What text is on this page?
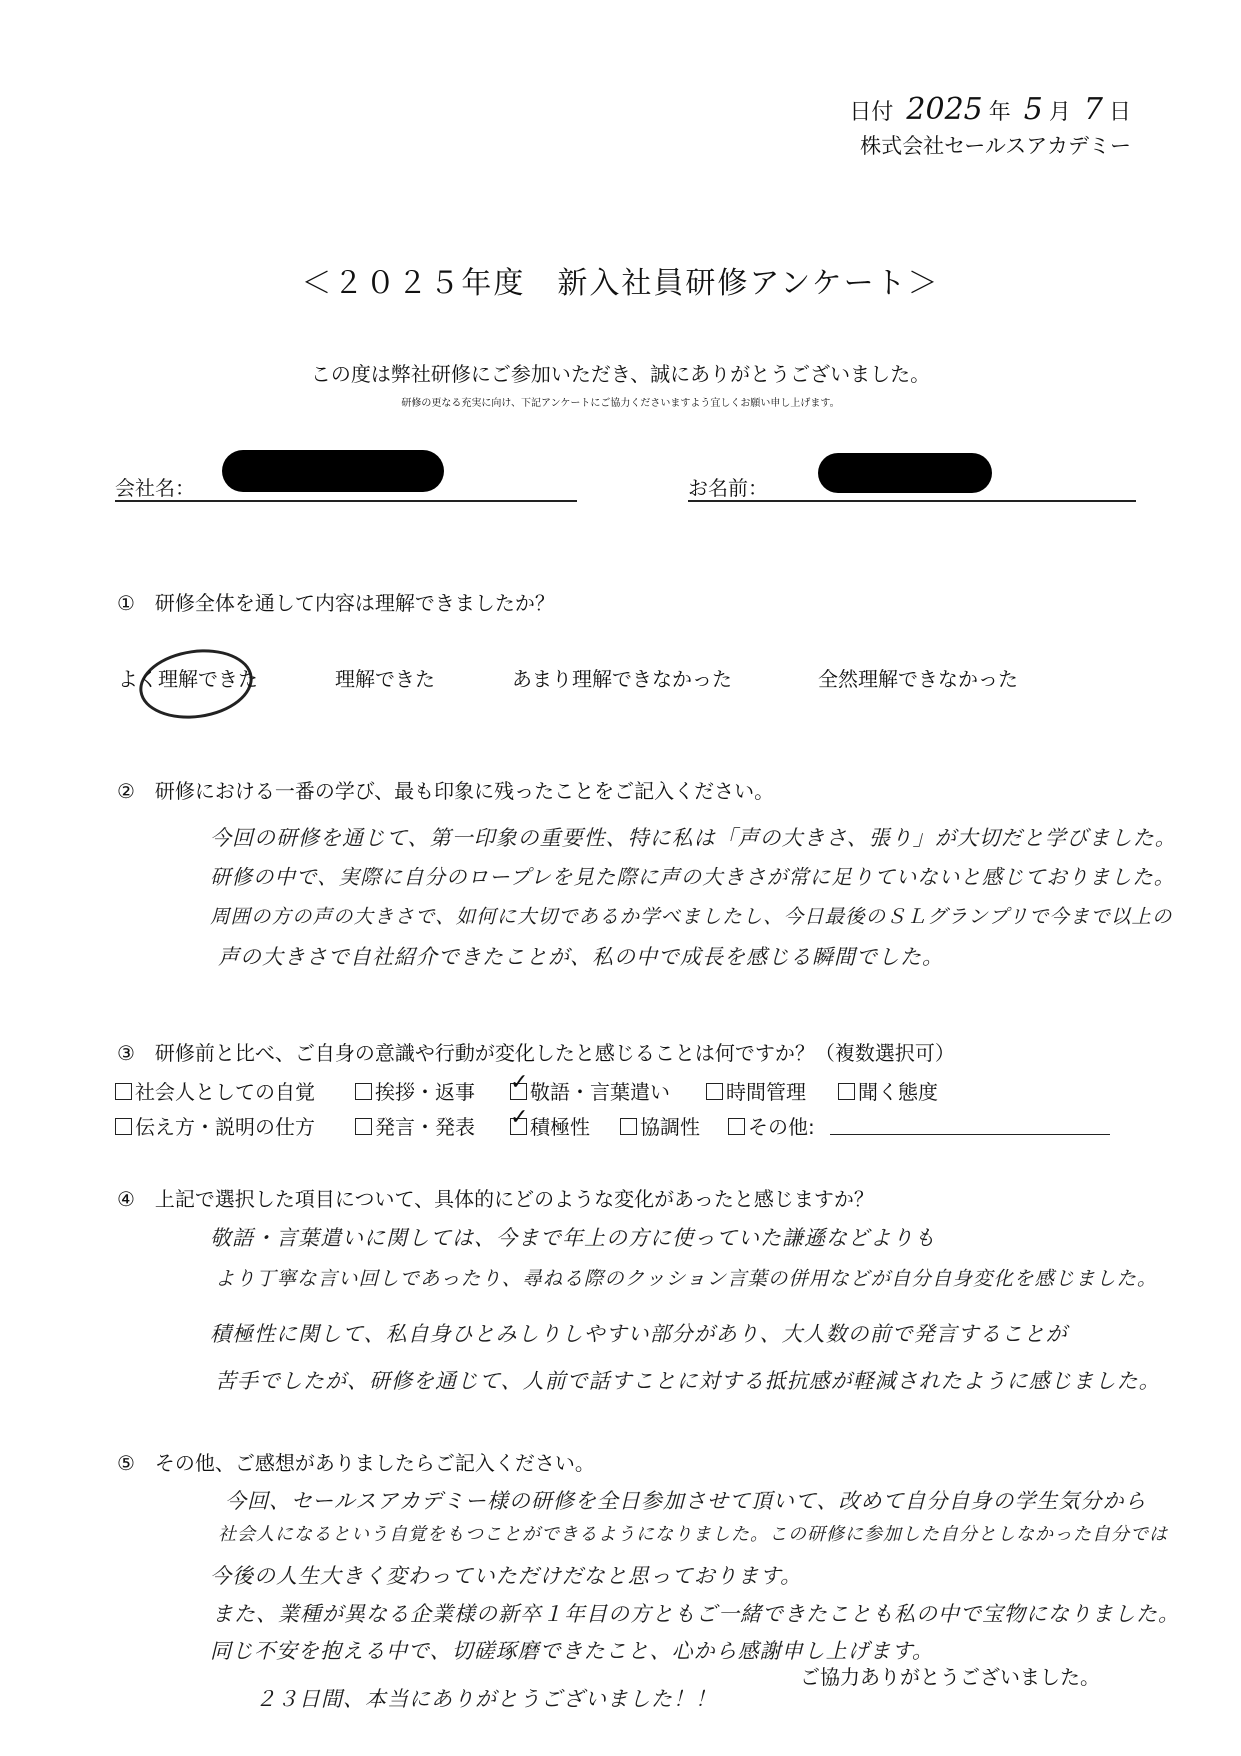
日付 2025 年 5 月 7 日
株式会社セールスアカデミー
＜２０２５年度　新入社員研修アンケート＞
この度は弊社研修にご参加いただき、誠にありがとうございました。
研修の更なる充実に向け、下記アンケートにご協力くださいますよう宜しくお願い申し上げます。
会社名：	お名前：
①　研修全体を通して内容は理解できましたか？
よく理解できた	理解できた	あまり理解できなかった	全然理解できなかった
②　研修における一番の学び、最も印象に残ったことをご記入ください。
今回の研修を通じて、第一印象の重要性、特に私は「声の大きさ、張り」が大切だと学びました。
研修の中で、実際に自分のロープレを見た際に声の大きさが常に足りていないと感じておりました。
周囲の方の声の大きさで、如何に大切であるか学べましたし、今日最後のＳＬグランプリで今まで以上の
声の大きさで自社紹介できたことが、私の中で成長を感じる瞬間でした。
③　研修前と比べ、ご自身の意識や行動が変化したと感じることは何ですか？（複数選択可）
社会人としての自覚	挨拶・返事 ✓	敬語・言葉遣い	時間管理	聞く態度
伝え方・説明の仕方	発言・発表 ✓	積極性	協調性	その他:
④　上記で選択した項目について、具体的にどのような変化があったと感じますか？
敬語・言葉遣いに関しては、今まで年上の方に使っていた謙遜などよりも
より丁寧な言い回しであったり、尋ねる際のクッション言葉の併用などが自分自身変化を感じました。
積極性に関して、私自身ひとみしりしやすい部分があり、大人数の前で発言することが
苦手でしたが、研修を通じて、人前で話すことに対する抵抗感が軽減されたように感じました。
⑤　その他、ご感想がありましたらご記入ください。
今回、セールスアカデミー様の研修を全日参加させて頂いて、改めて自分自身の学生気分から
社会人になるという自覚をもつことができるようになりました。この研修に参加した自分としなかった自分では
今後の人生大きく変わっていただけだなと思っております。
また、業種が異なる企業様の新卒１年目の方ともご一緒できたことも私の中で宝物になりました。
同じ不安を抱える中で、切磋琢磨できたこと、心から感謝申し上げます。
２３日間、本当にありがとうございました！！
ご協力ありがとうございました。
